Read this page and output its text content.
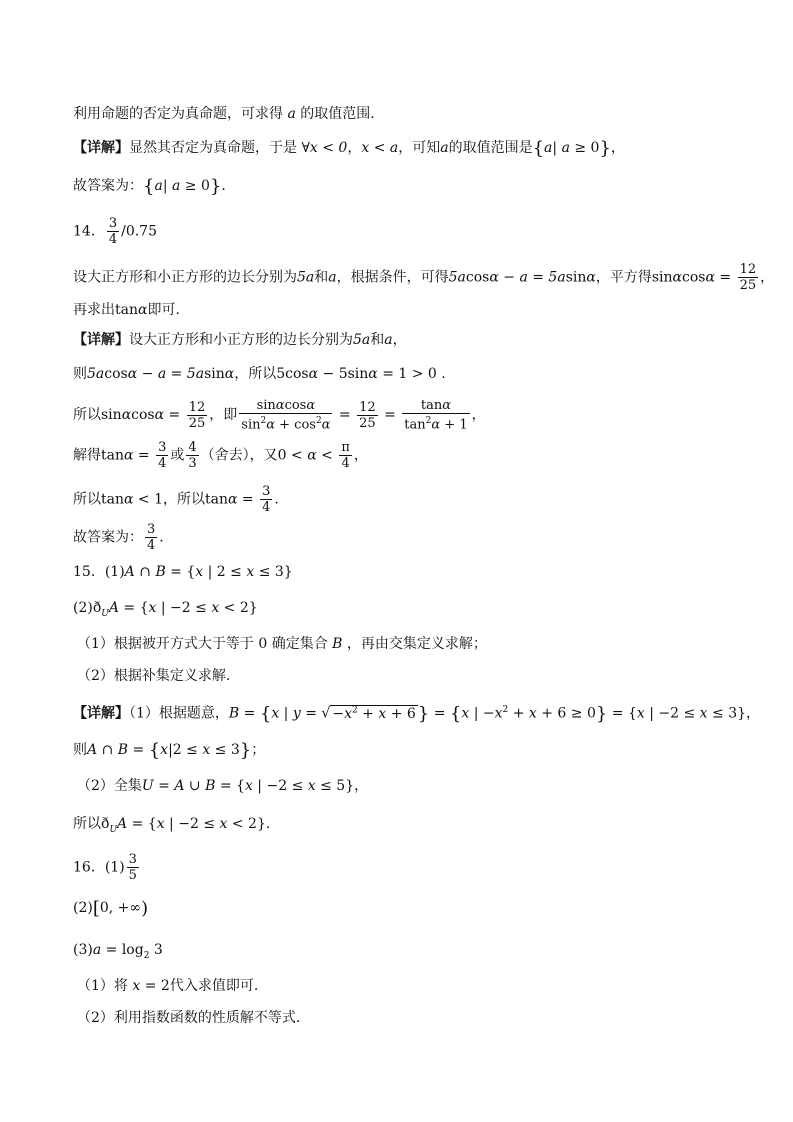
利用命题的否定为真命题，可求得 a 的取值范围.
【详解】显然其否定为真命题，于是 ∀x < 0，x < a，可知a的取值范围是{a| a ≥ 0}，
故答案为：{a| a ≥ 0}.
14． $\frac{3}{4} /0.75$
设大正方形和小正方形的边长分别为5a和a，根据条件，可得5acosα − a = 5asinα，平方得$\sin\alpha\cos\alpha = \frac{12}{25}$ ，
再求出tanα即可.
【详解】设大正方形和小正方形的边长分别为5a和a，
则5acosα − a = 5asinα，所以5cosα − 5sinα = 1 > 0 .
所以$\sin\alpha\cos\alpha = \frac{12}{25}$ ，即 $\frac{\sin\alpha\cos\alpha}{\sin^2\alpha + \cos^2\alpha} = \frac{12}{25} = \frac{\tan\alpha}{\tan^2\alpha + 1}$ ，
解得$\tan\alpha = \frac{3}{4}$ 或 $\frac{4}{3}$ （舍去），又$0 < \alpha < \frac{\pi}{4}$ ，
所以tanα < 1，所以$\tan\alpha = \frac{3}{4}$ .
故答案为： $\frac{3}{4}$ .
15．(1)A ∩ B = {x | 2 ≤ x ≤ 3}
$(2)ð_UA = \{x$ | −2 ≤ x < 2}
（1）根据被开方式大于等于 0 确定集合 B ，再由交集定义求解；
（2）根据补集定义求解.
【详解】（1）根据题意，B = {x | y = √ $-x^2 + x + 6$ } = {x | $-x^2 + x + 6 \ge 0\} = \{x$ | −2 ≤ x ≤ 3}，
则A ∩ B = {x|2 ≤ x ≤ 3}；
（2）全集U = A ∪ B = {x | −2 ≤ x ≤ 5}，
所以$ð_UA = \{x$ | −2 ≤ x < 2}.
16．$(1) \frac{3}{5}$
(2)[0, +∞)
$(3)a = \log_2 3$
（1）将 x = 2代入求值即可.
（2）利用指数函数的性质解不等式.
